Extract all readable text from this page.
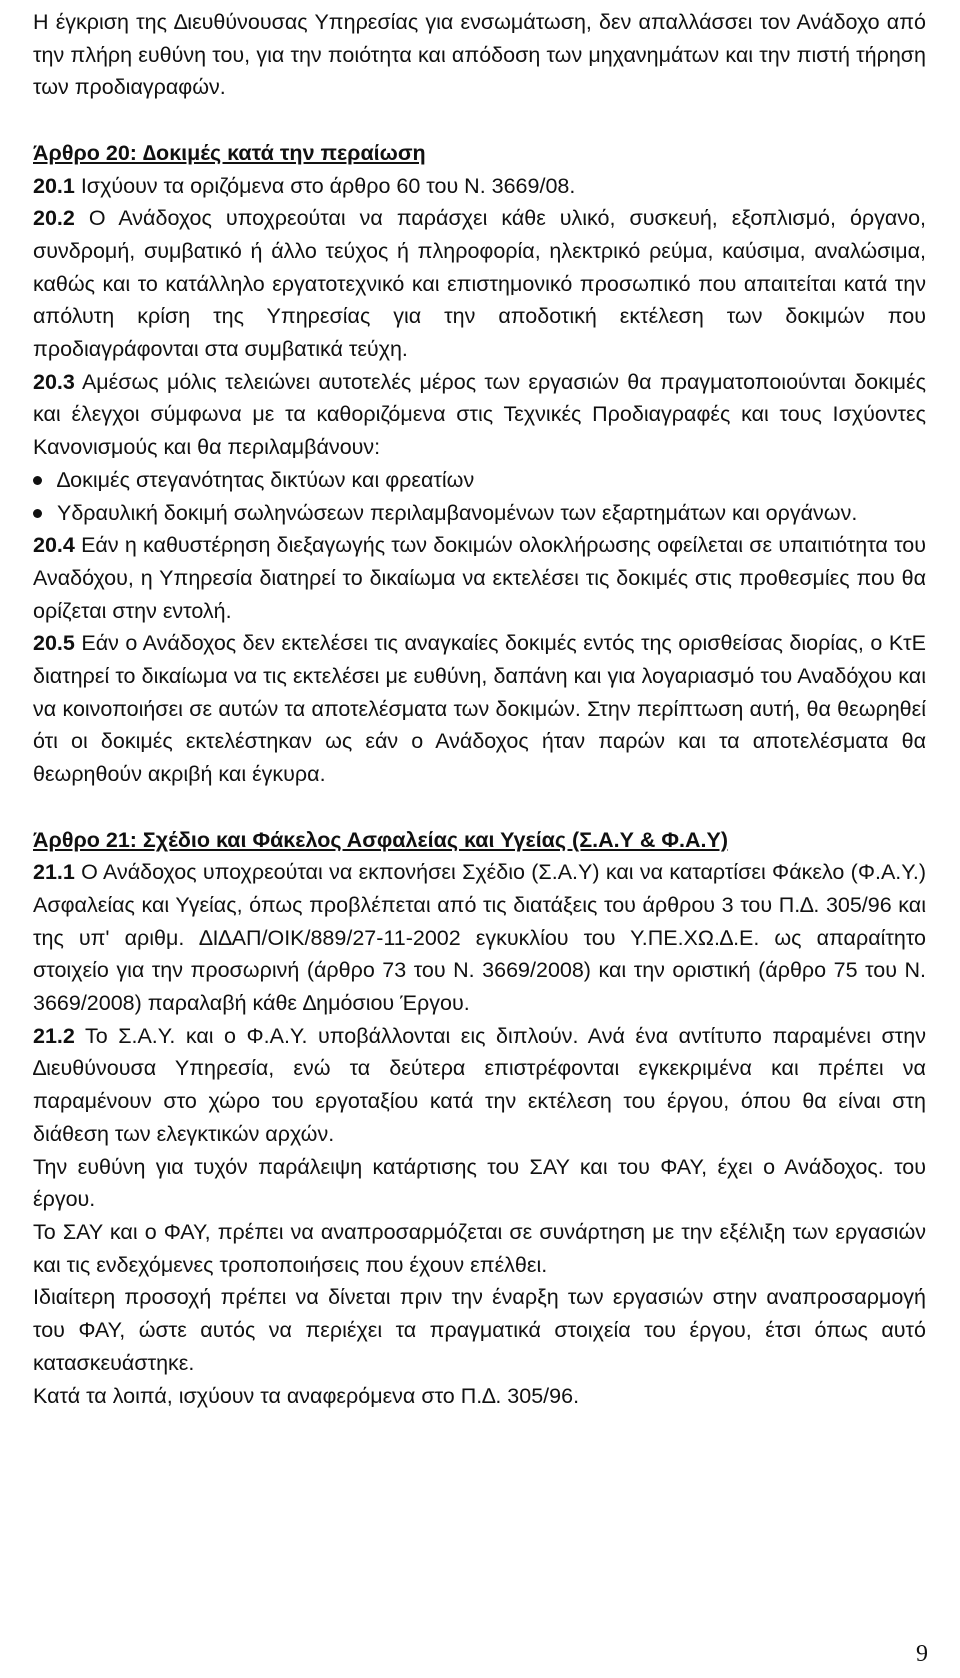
Η έγκριση της ∆ιευθύνουσας Υπηρεσίας για ενσωμάτωση, δεν απαλλάσσει τον Ανάδοχο από την πλήρη ευθύνη του, για την ποιότητα και απόδοση των μηχανημάτων και την πιστή τήρηση των προδιαγραφών.

Άρθρο 20: ∆οκιμές κατά την περαίωση

20.1 Ισχύουν τα οριζόμενα στο άρθρο 60 του Ν. 3669/08.

20.2 Ο Ανάδοχος υποχρεούται να παράσχει κάθε υλικό, συσκευή, εξοπλισμό, όργανο, συνδρομή, συμβατικό ή άλλο τεύχος ή πληροφορία, ηλεκτρικό ρεύμα, καύσιμα, αναλώσιμα, καθώς και το κατάλληλο εργατοτεχνικό και επιστημονικό προσωπικό που απαιτείται κατά την απόλυτη κρίση της Υπηρεσίας για την αποδοτική εκτέλεση των δοκιμών που προδιαγράφονται στα συμβατικά τεύχη.

20.3 Αμέσως μόλις τελειώνει αυτοτελές μέρος των εργασιών θα πραγματοποιούνται δοκιμές και έλεγχοι σύμφωνα με τα καθοριζόμενα στις Τεχνικές Προδιαγραφές και τους Ισχύοντες Κανονισμούς και θα περιλαμβάνουν:

∆οκιμές στεγανότητας δικτύων και φρεατίων
Υδραυλική δοκιμή σωληνώσεων περιλαμβανομένων των εξαρτημάτων και οργάνων.

20.4 Εάν η καθυστέρηση διεξαγωγής των δοκιμών ολοκλήρωσης οφείλεται σε υπαιτιότητα του Αναδόχου, η Υπηρεσία διατηρεί το δικαίωμα να εκτελέσει τις δοκιμές στις προθεσμίες που θα ορίζεται στην εντολή.

20.5 Εάν ο Ανάδοχος δεν εκτελέσει τις αναγκαίες δοκιμές εντός της ορισθείσας διορίας, ο ΚτΕ διατηρεί το δικαίωμα να τις εκτελέσει με ευθύνη, δαπάνη και για λογαριασμό του Αναδόχου και να κοινοποιήσει σε αυτών τα αποτελέσματα των δοκιμών. Στην περίπτωση αυτή, θα θεωρηθεί ότι οι δοκιμές εκτελέστηκαν ως εάν ο Ανάδοχος ήταν παρών και τα αποτελέσματα θα θεωρηθούν ακριβή και έγκυρα.

Άρθρο 21: Σχέδιο και Φάκελος Ασφαλείας και Υγείας (Σ.Α.Υ & Φ.Α.Υ)

21.1 Ο Ανάδοχος υποχρεούται να εκπονήσει Σχέδιο (Σ.Α.Υ) και να καταρτίσει Φάκελο (Φ.Α.Υ.) Ασφαλείας και Υγείας, όπως προβλέπεται από τις διατάξεις του άρθρου 3 του Π.∆. 305/96 και της υπ' αριθμ. ∆Ι∆ΑΠ/ΟΙΚ/889/27-11-2002 εγκυκλίου του Υ.ΠΕ.ΧΩ.∆.Ε. ως απαραίτητο στοιχείο για την προσωρινή (άρθρο 73 του Ν. 3669/2008) και την οριστική (άρθρο 75 του Ν. 3669/2008) παραλαβή κάθε ∆ημόσιου Έργου.

21.2 Το Σ.Α.Υ. και ο Φ.Α.Υ. υποβάλλονται εις διπλούν. Ανά ένα αντίτυπο παραμένει στην ∆ιευθύνουσα Υπηρεσία, ενώ τα δεύτερα επιστρέφονται εγκεκριμένα και πρέπει να παραμένουν στο χώρο του εργοταξίου κατά την εκτέλεση του έργου, όπου θα είναι στη διάθεση των ελεγκτικών αρχών.

Την ευθύνη για τυχόν παράλειψη κατάρτισης του ΣΑΥ και του ΦΑΥ, έχει ο Ανάδοχος. του έργου.

Το ΣΑΥ και ο ΦΑΥ, πρέπει να αναπροσαρμόζεται σε συνάρτηση με την εξέλιξη των εργασιών και τις ενδεχόμενες τροποποιήσεις που έχουν επέλθει.

Ιδιαίτερη προσοχή πρέπει να δίνεται πριν την έναρξη των εργασιών στην αναπροσαρμογή του ΦΑΥ, ώστε αυτός να περιέχει τα πραγματικά στοιχεία του έργου, έτσι όπως αυτό κατασκευάστηκε.

Κατά τα λοιπά, ισχύουν τα αναφερόμενα στο Π.∆. 305/96.

9
